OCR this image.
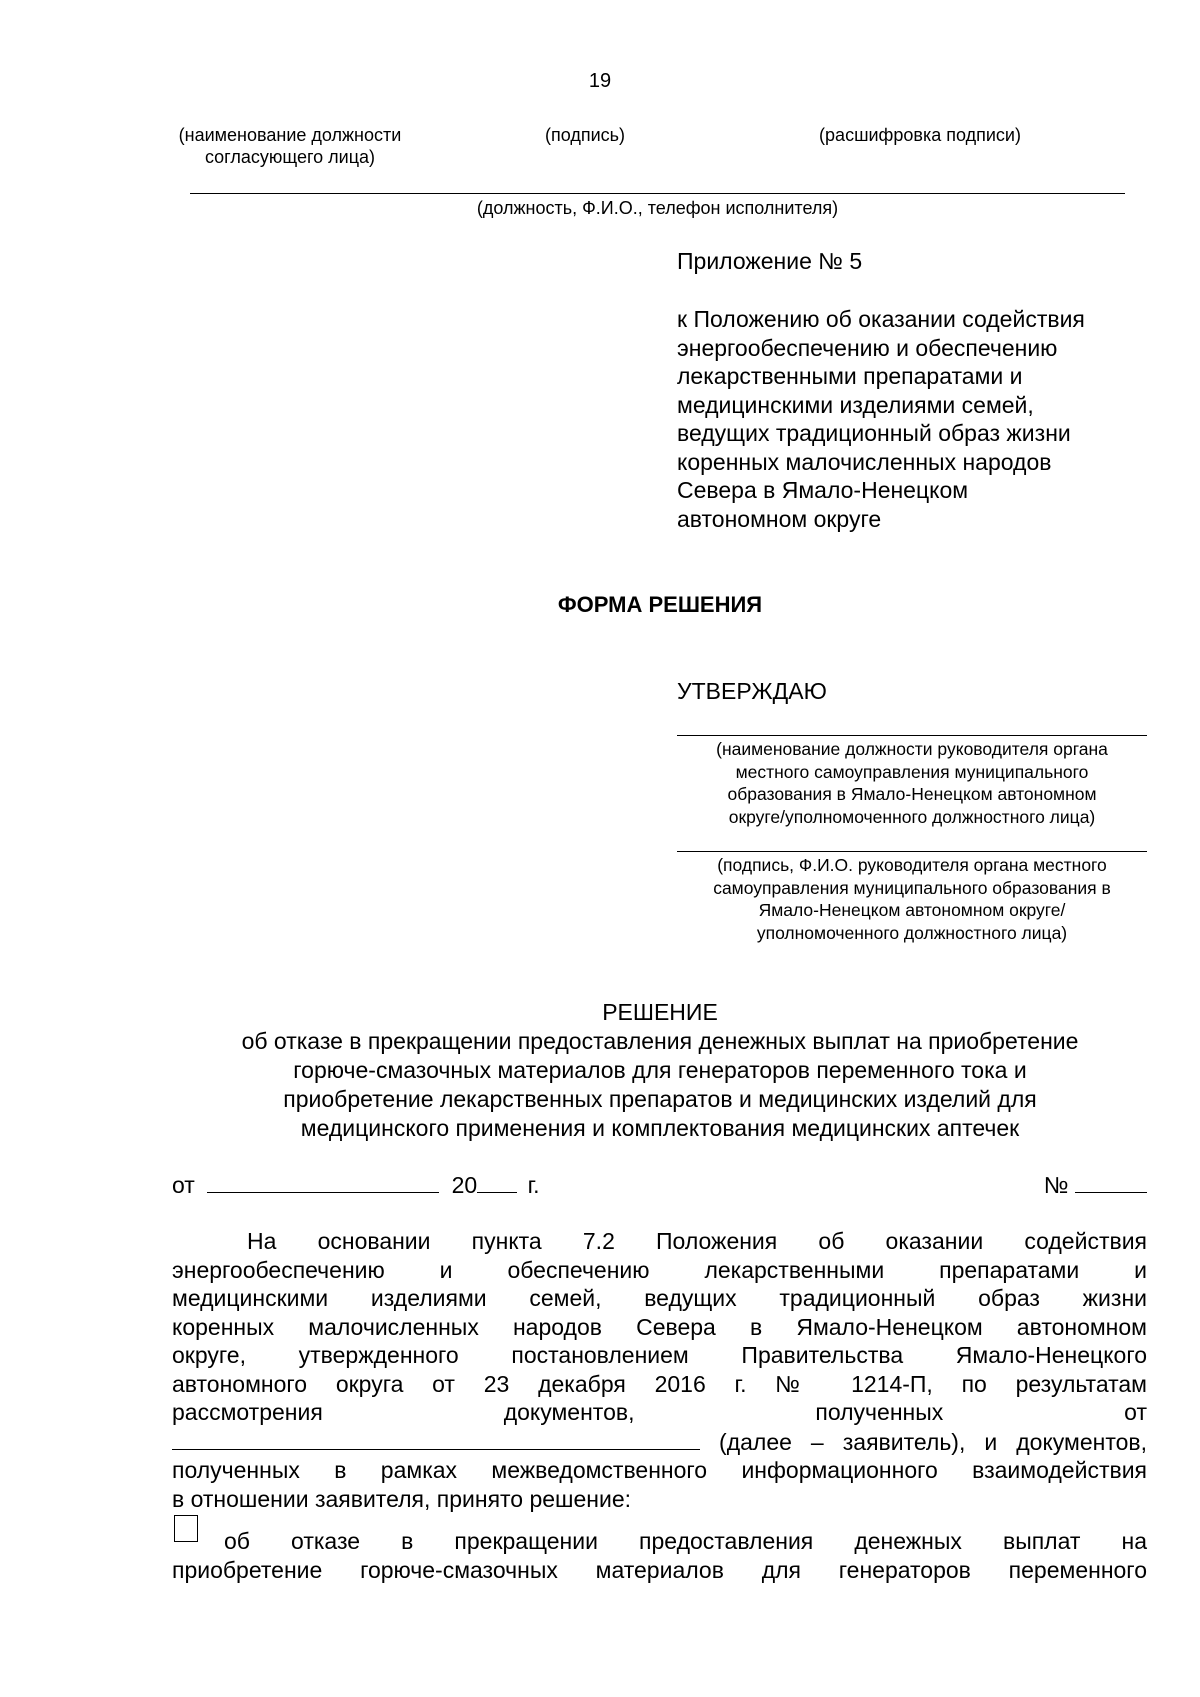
19
(наименование должности
согласующего лица)
(подпись)	(расшифровка подписи)
(должность, Ф.И.О., телефон исполнителя)
Приложение № 5
к Положению об оказании содействия
энергообеспечению и обеспечению
лекарственными препаратами и
медицинскими изделиями семей,
ведущих традиционный образ жизни
коренных малочисленных народов
Севера в Ямало-Ненецком
автономном округе
ФОРМА РЕШЕНИЯ
УТВЕРЖДАЮ
(наименование должности руководителя органа
местного самоуправления муниципального
образования в Ямало-Ненецком автономном
округе/уполномоченного должностного лица)
(подпись, Ф.И.О. руководителя органа местного
самоуправления муниципального образования в
Ямало-Ненецком автономном округе/
уполномоченного должностного лица)
РЕШЕНИЕ
об отказе в прекращении предоставления денежных выплат на приобретение
горюче-смазочных материалов для генераторов переменного тока и
приобретение лекарственных препаратов и медицинских изделий для
медицинского применения и комплектования медицинских аптечек
от	20 г.	№
На основании пункта 7.2 Положения об оказании содействия
энергообеспечению и обеспечению лекарственными препаратами и
медицинскими изделиями семей, ведущих традиционный образ жизни
коренных малочисленных народов Севера в Ямало-Ненецком автономном
округе, утвержденного постановлением Правительства Ямало-Ненецкого
автономного округа от 23 декабря 2016 г. № 1214-П, по результатам
рассмотрения документов, полученных от
(далее – заявитель), и документов,
полученных в рамках межведомственного информационного взаимодействия
в отношении заявителя, принято решение:
об отказе в прекращении предоставления денежных выплат на
приобретение горюче-смазочных материалов для генераторов переменного
